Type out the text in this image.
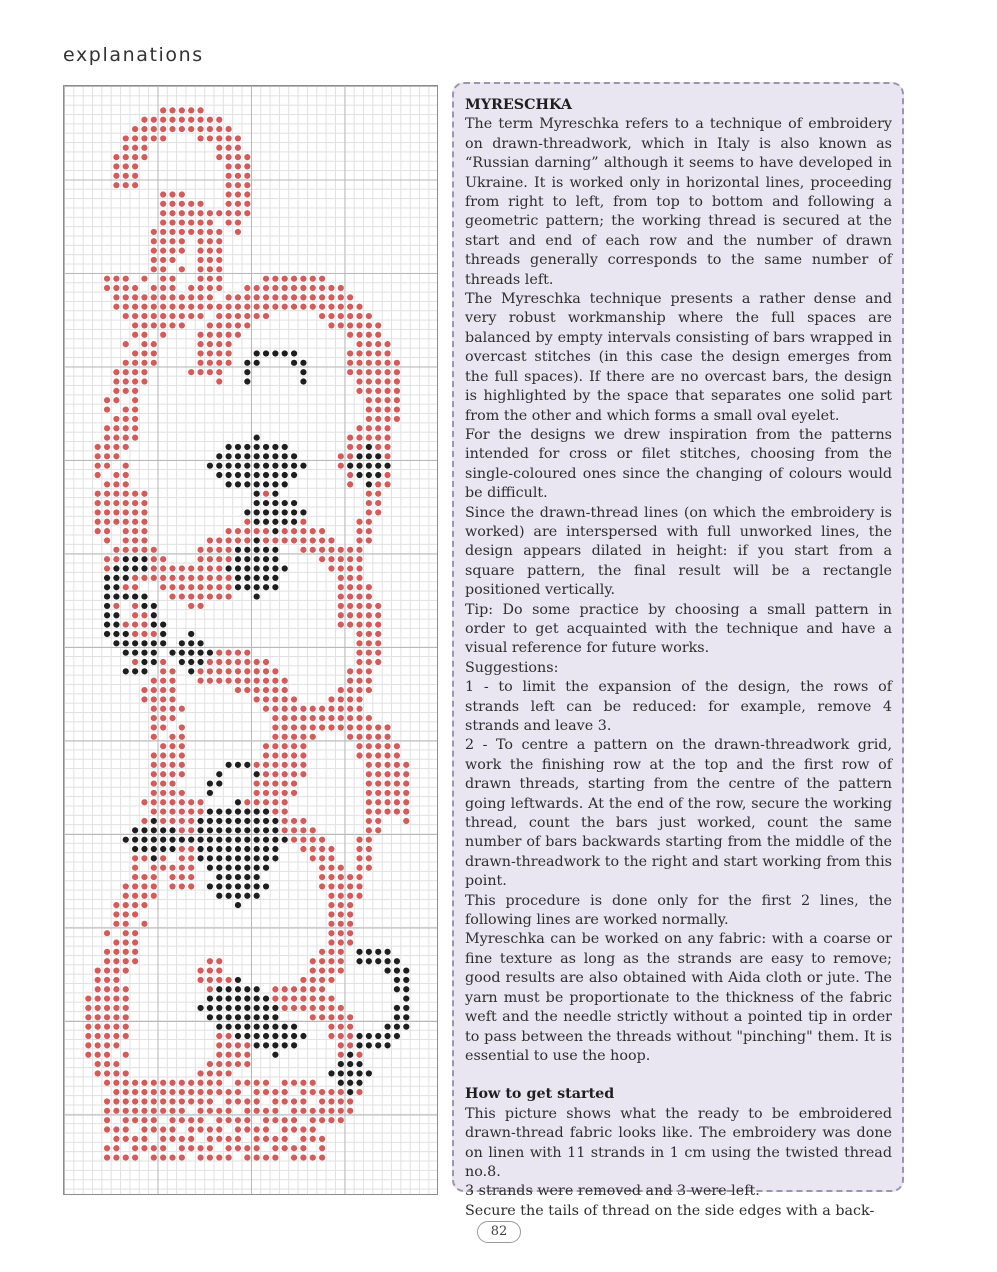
explanations
MYRESCHKA

The term Myreschka refers to a technique of embroidery on drawn-threadwork, which in Italy is also known as “Russian darning” although it seems to have developed in Ukraine. It is worked only in horizontal lines, proceeding from right to left, from top to bottom and following a geometric pattern; the working thread is secured at the start and end of each row and the number of drawn threads generally corresponds to the same number of threads left.

The Myreschka technique presents a rather dense and very robust workmanship where the full spaces are balanced by empty intervals consisting of bars wrapped in overcast stitches (in this case the design emerges from the full spaces). If there are no overcast bars, the design is highlighted by the space that separates one solid part from the other and which forms a small oval eyelet.

For the designs we drew inspiration from the patterns intended for cross or filet stitches, choosing from the single-coloured ones since the changing of colours would be difficult.

Since the drawn-thread lines (on which the embroidery is worked) are interspersed with full unworked lines, the design appears dilated in height: if you start from a square pattern, the final result will be a rectangle positioned vertically.

Tip: Do some practice by choosing a small pattern in order to get acquainted with the technique and have a visual reference for future works.

Suggestions:

1 - to limit the expansion of the design, the rows of strands left can be reduced: for example, remove 4 strands and leave 3.

2 - To centre a pattern on the drawn-threadwork grid, work the finishing row at the top and the first row of drawn threads, starting from the centre of the pattern going leftwards. At the end of the row, secure the working thread, count the bars just worked, count the same number of bars backwards starting from the middle of the drawn-threadwork to the right and start working from this point.

This procedure is done only for the first 2 lines, the following lines are worked normally.

Myreschka can be worked on any fabric: with a coarse or fine texture as long as the strands are easy to remove; good results are also obtained with Aida cloth or jute. The yarn must be proportionate to the thickness of the fabric weft and the needle strictly without a pointed tip in order to pass between the threads without "pinching" them. It is essential to use the hoop.

How to get started

This picture shows what the ready to be embroidered drawn-thread fabric looks like. The embroidery was done on linen with 11 strands in 1 cm using the twisted thread no.8.

3 strands were removed and 3 were left.

Secure the tails of thread on the side edges with a back-

82
